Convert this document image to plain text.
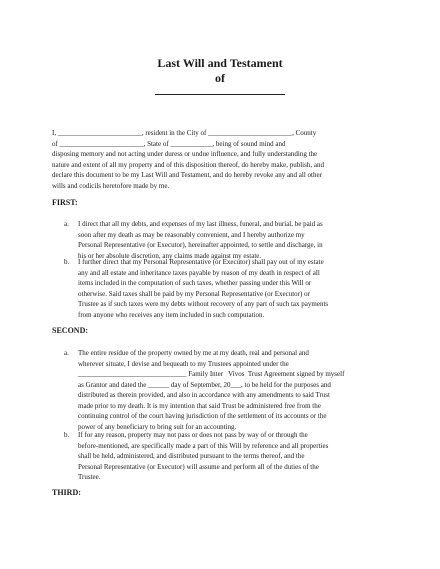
Last Will and Testament
of
I, ________________________, resident in the City of ________________________, County
of ________________________, State of ____________, being of sound mind and
disposing memory and not acting under duress or undue influence, and fully understanding the
nature and extent of all my property and of this disposition thereof, do hereby make, publish, and
declare this document to be my Last Will and Testament, and do hereby revoke any and all other
wills and codicils heretofore made by me.
FIRST:
a. I direct that all my debts, and expenses of my last illness, funeral, and burial, be paid as
soon after my death as may be reasonably convenient, and I hereby authorize my
Personal Representative (or Executor), hereinafter appointed, to settle and discharge, in
his or her absolute discretion, any claims made against my estate.
b. I further direct that my Personal Representative (or Executor) shall pay out of my estate
any and all estate and inheritance taxes payable by reason of my death in respect of all
items included in the computation of such taxes, whether passing under this Will or
otherwise. Said taxes shall be paid by my Personal Representative (or Executor) or
Trustee as if such taxes were my debts without recovery of any part of such tax payments
from anyone who receives any item included in such computation.
SECOND:
a. The entire residue of the property owned by me at my death, real and personal and
wherever situate, I devise and bequeath to my Trustees appointed under the
_______________________________ Family Inter   Vivos  Trust Agreement signed by myself
as Grantor and dated the ______ day of September, 20___, to be held for the purposes and
distributed as therein provided, and also in accordance with any amendments to said Trust
made prior to my death. It is my intention that said Trust be administered free from the
continuing control of the court having jurisdiction of the settlement of its accounts or the
power of any beneficiary to bring suit for an accounting.
b. If for any reason, property may not pass or does not pass by way of or through the
before-mentioned, are specifically made a part of this Will by reference and all properties
shall be held, administered, and distributed pursuant to the terms thereof, and the
Personal Representative (or Executor) will assume and perform all of the duties of the
Trustee.
THIRD:
